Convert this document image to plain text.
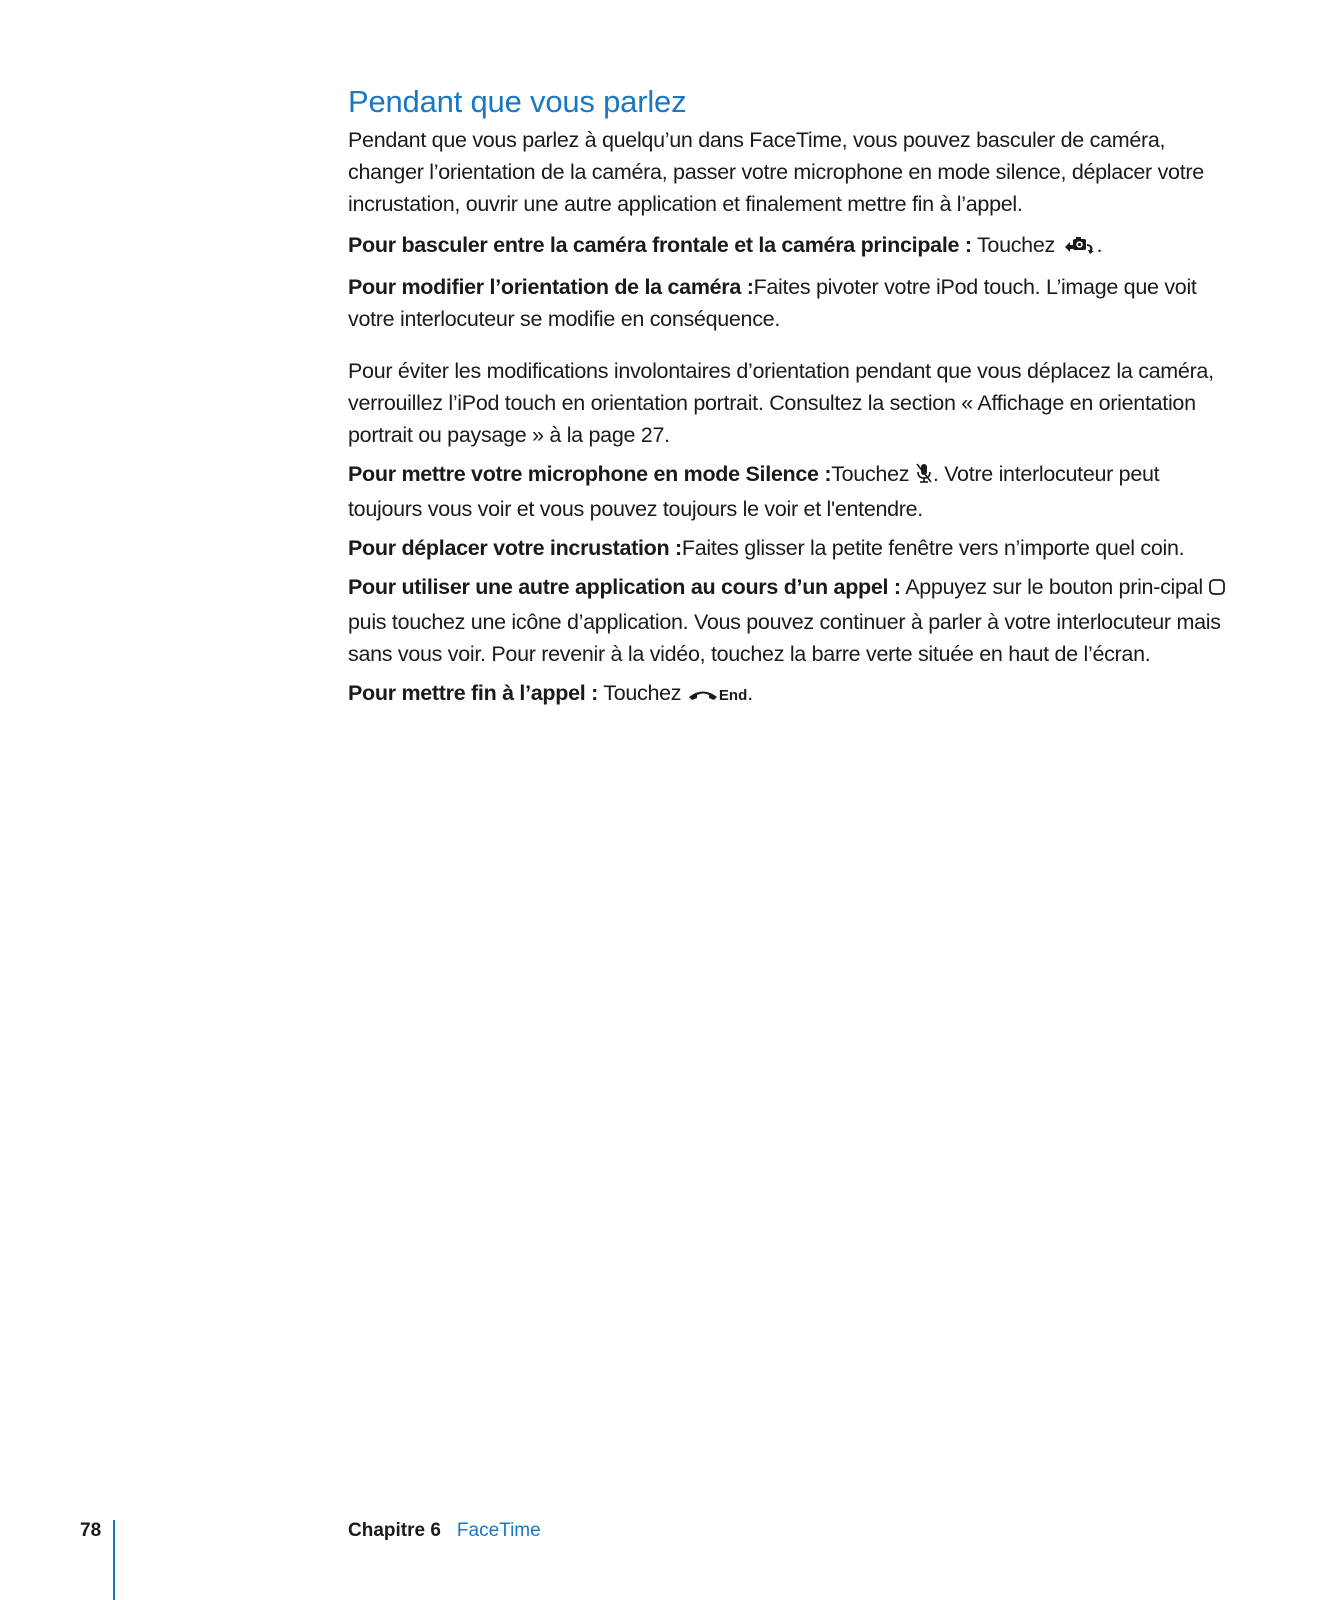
Pendant que vous parlez

Pendant que vous parlez à quelqu’un dans FaceTime, vous pouvez basculer de caméra, changer l’orientation de la caméra, passer votre microphone en mode silence, déplacer votre incrustation, ouvrir une autre application et finalement mettre fin à l’appel.

Pour basculer entre la caméra frontale et la caméra principale : Touchez .

Pour modifier l’orientation de la caméra :Faites pivoter votre iPod touch. L’image que voit votre interlocuteur se modifie en conséquence.

Pour éviter les modifications involontaires d’orientation pendant que vous déplacez la caméra, verrouillez l’iPod touch en orientation portrait. Consultez la section « Affichage en orientation portrait ou paysage » à la page 27.

Pour mettre votre microphone en mode Silence :Touchez . Votre interlocuteur peut toujours vous voir et vous pouvez toujours le voir et l'entendre.

Pour déplacer votre incrustation :Faites glisser la petite fenêtre vers n’importe quel coin.

Pour utiliser une autre application au cours d’un appel : Appuyez sur le bouton prin-cipal  puis touchez une icône d’application. Vous pouvez continuer à parler à votre interlocuteur mais sans vous voir. Pour revenir à la vidéo, touchez la barre verte située en haut de l’écran.

Pour mettre fin à l’appel : Touchez End.

78	Chapitre 6 FaceTime
